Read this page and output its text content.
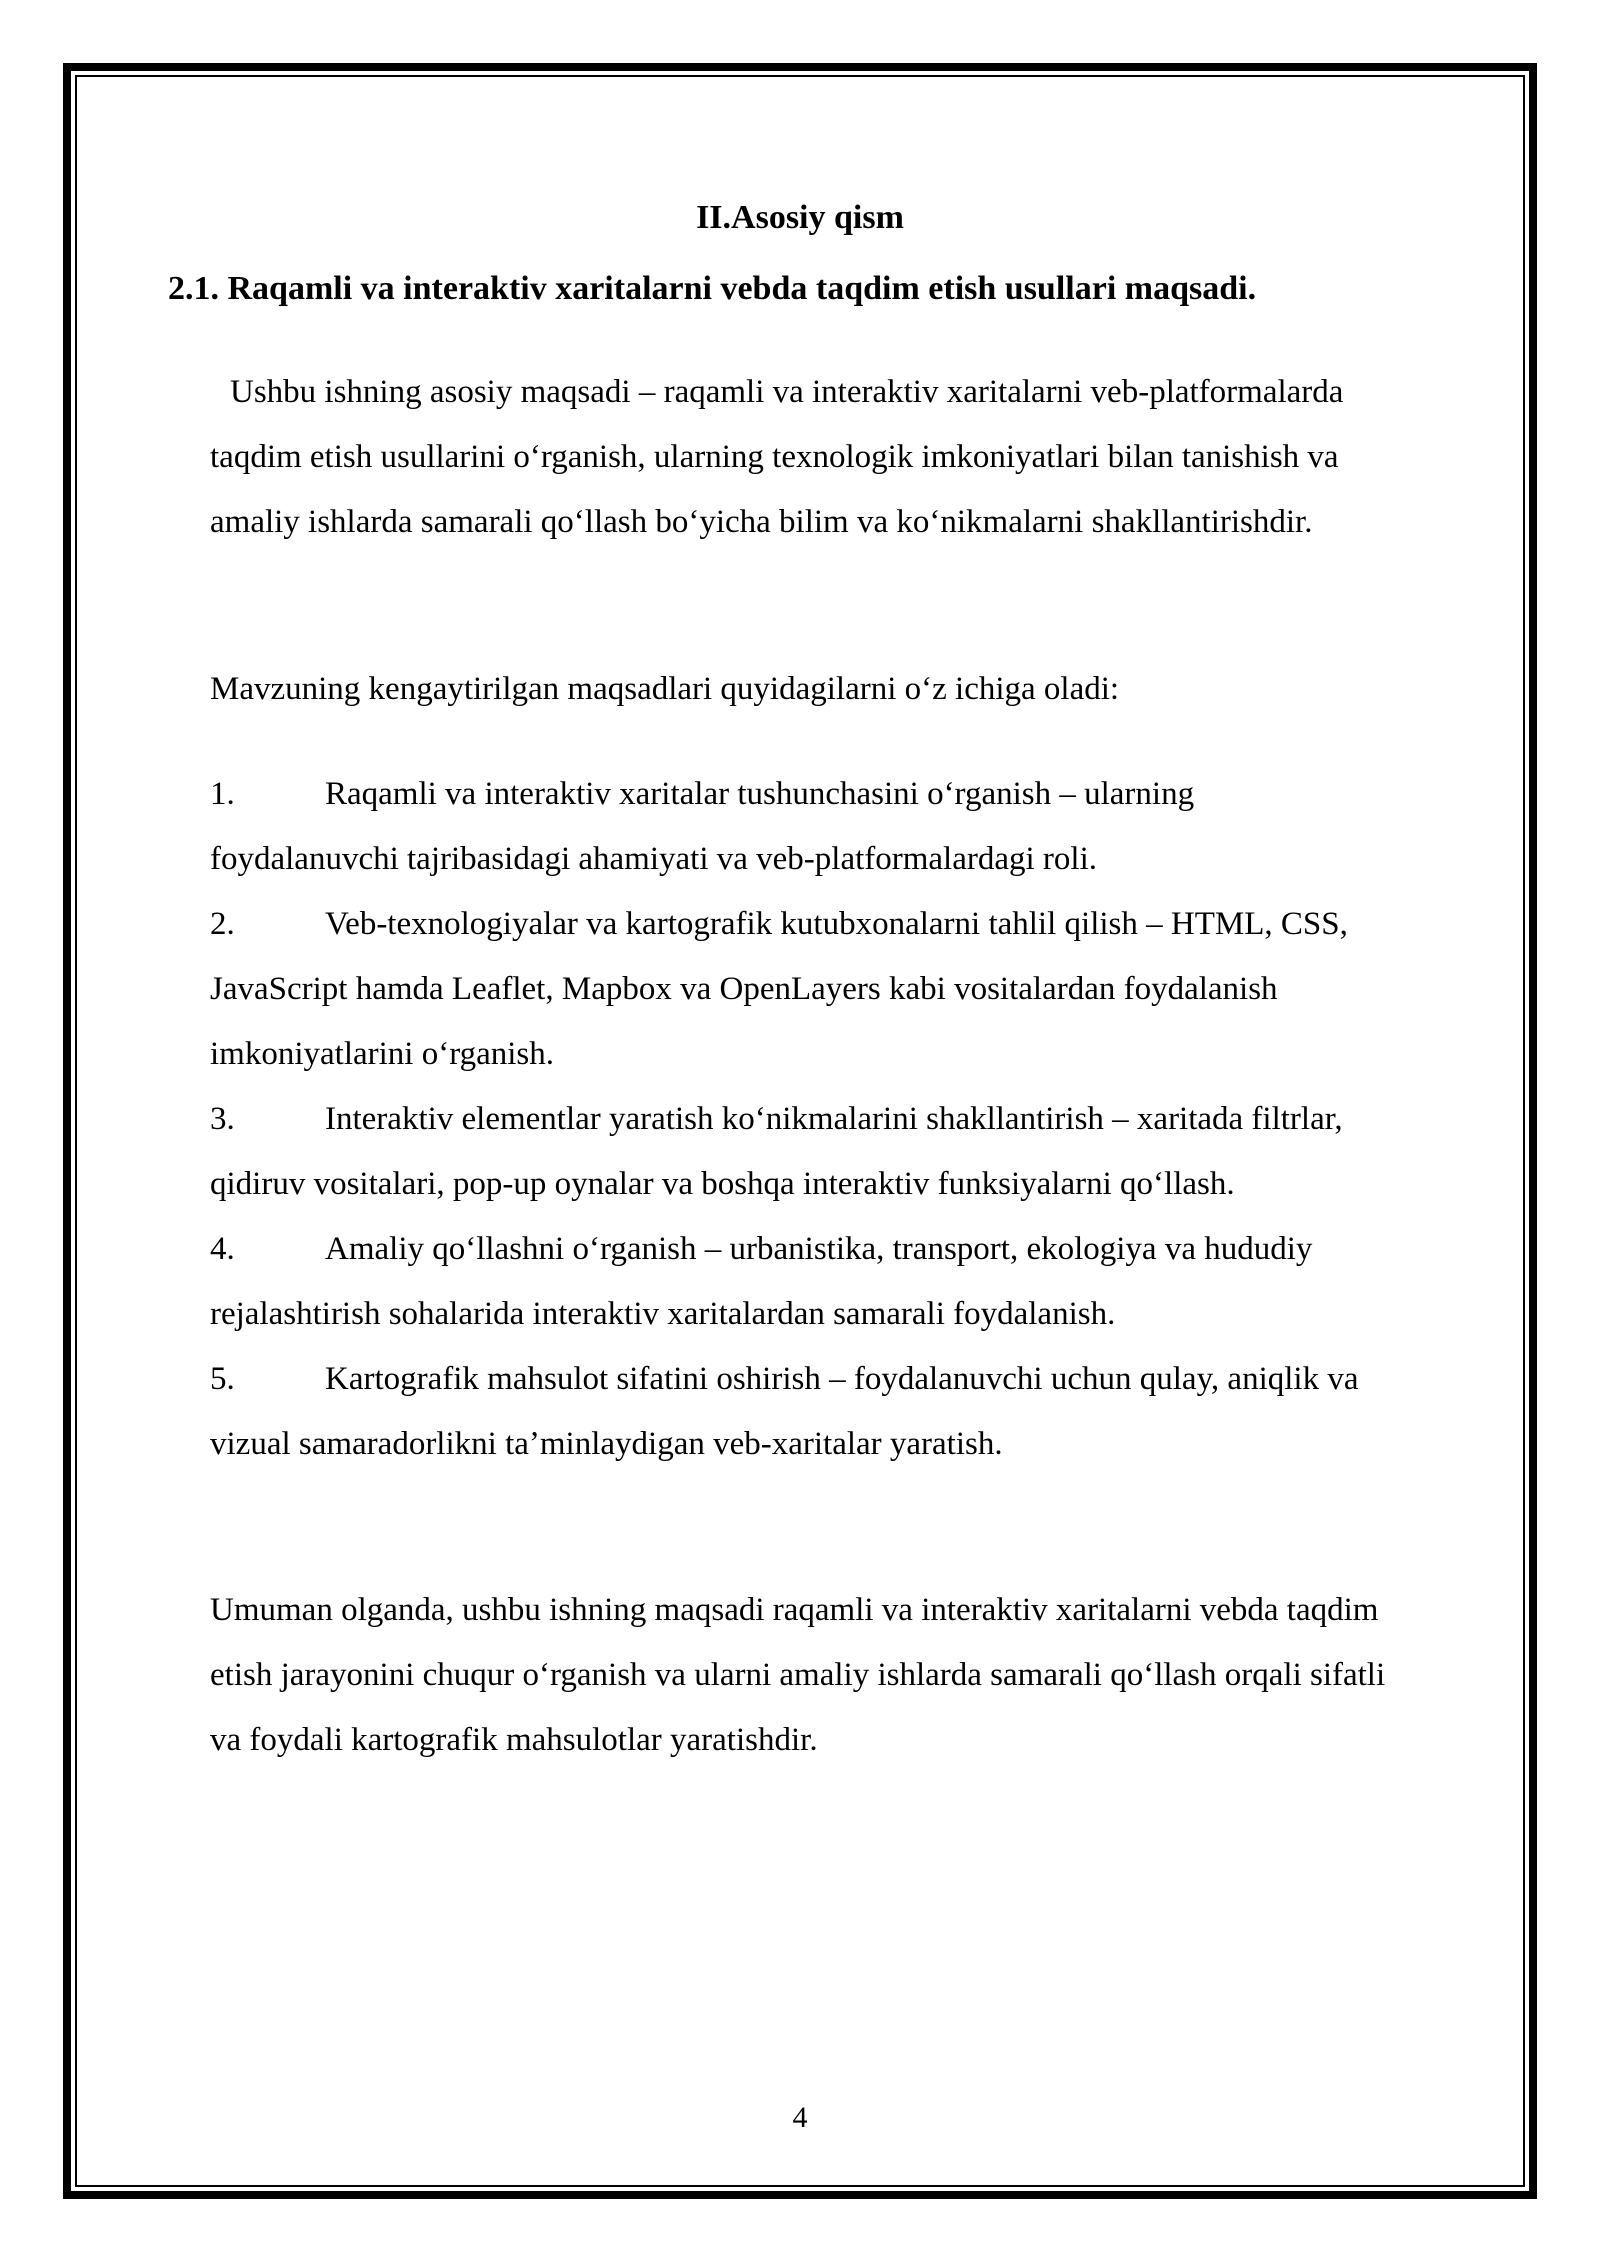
II.Asosiy qism
2.1. Raqamli va interaktiv xaritalarni vebda taqdim etish usullari maqsadi.

Ushbu ishning asosiy maqsadi – raqamli va interaktiv xaritalarni veb-platformalarda taqdim etish usullarini oʻrganish, ularning texnologik imkoniyatlari bilan tanishish va amaliy ishlarda samarali qoʻllash boʻyicha bilim va koʻnikmalarni shakllantirishdir.

Mavzuning kengaytirilgan maqsadlari quyidagilarni oʻz ichiga oladi:

1.	Raqamli va interaktiv xaritalar tushunchasini oʻrganish – ularning foydalanuvchi tajribasidagi ahamiyati va veb-platformalardagi roli.
2.	Veb-texnologiyalar va kartografik kutubxonalarni tahlil qilish – HTML, CSS, JavaScript hamda Leaflet, Mapbox va OpenLayers kabi vositalardan foydalanish imkoniyatlarini oʻrganish.
3.	Interaktiv elementlar yaratish koʻnikmalarini shakllantirish – xaritada filtrlar, qidiruv vositalari, pop-up oynalar va boshqa interaktiv funksiyalarni qoʻllash.
4.	Amaliy qoʻllashni oʻrganish – urbanistika, transport, ekologiya va hududiy rejalashtirish sohalarida interaktiv xaritalardan samarali foydalanish.
5.	Kartografik mahsulot sifatini oshirish – foydalanuvchi uchun qulay, aniqlik va vizual samaradorlikni taʼminlaydigan veb-xaritalar yaratish.

Umuman olganda, ushbu ishning maqsadi raqamli va interaktiv xaritalarni vebda taqdim etish jarayonini chuqur oʻrganish va ularni amaliy ishlarda samarali qoʻllash orqali sifatli va foydali kartografik mahsulotlar yaratishdir.

4
